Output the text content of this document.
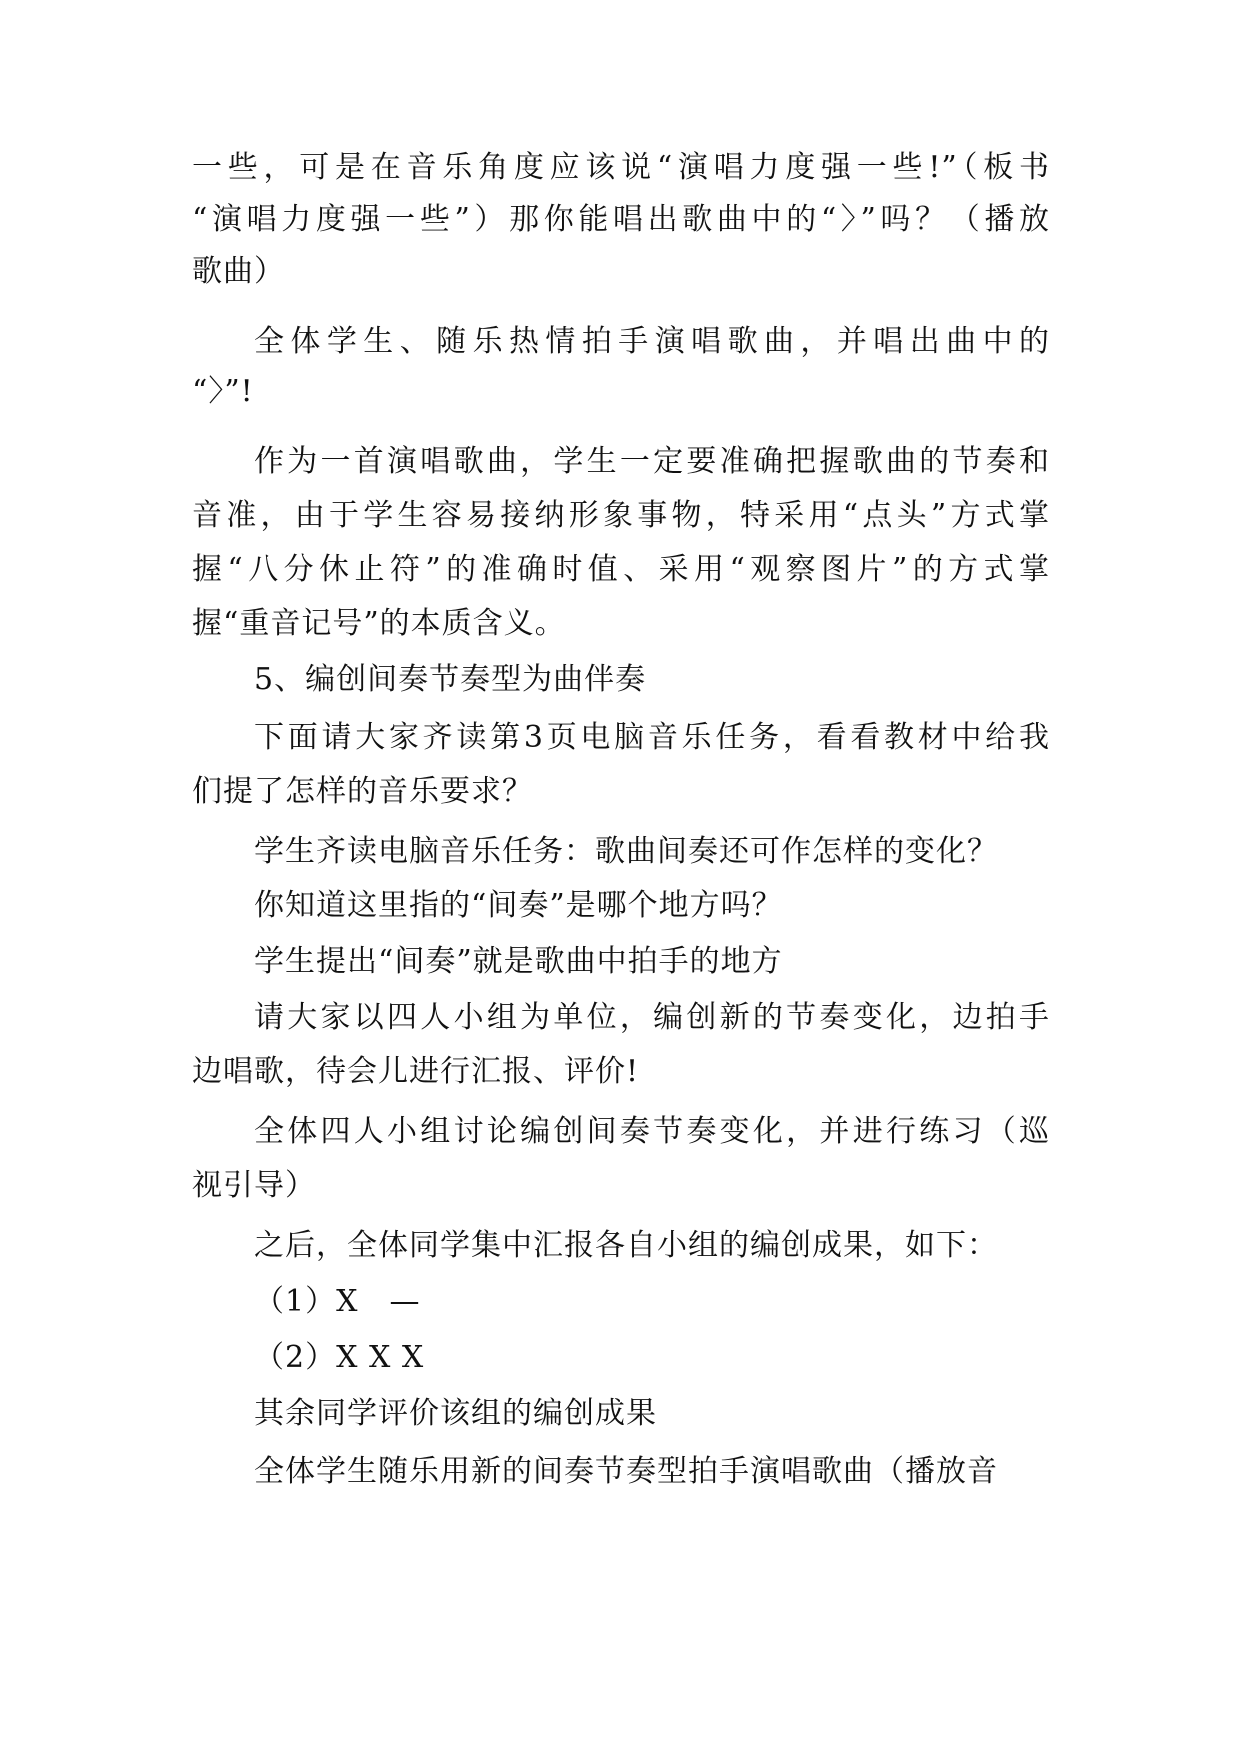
一些，可是在音乐角度应该说“演唱力度强一些!”（板书
“演唱力度强一些”）那你能唱出歌曲中的“〉”吗？（播放
歌曲）
全体学生、随乐热情拍手演唱歌曲，并唱出曲中的
“〉”!
作为一首演唱歌曲，学生一定要准确把握歌曲的节奏和
音准，由于学生容易接纳形象事物，特采用“点头”方式掌
握“八分休止符”的准确时值、采用“观察图片”的方式掌
握“重音记号”的本质含义。
5、编创间奏节奏型为曲伴奏
下面请大家齐读第3页电脑音乐任务，看看教材中给我
们提了怎样的音乐要求？
学生齐读电脑音乐任务：歌曲间奏还可作怎样的变化？
你知道这里指的“间奏”是哪个地方吗？
学生提出“间奏”就是歌曲中拍手的地方
请大家以四人小组为单位，编创新的节奏变化，边拍手
边唱歌，待会儿进行汇报、评价!
全体四人小组讨论编创间奏节奏变化，并进行练习（巡
视引导）
之后，全体同学集中汇报各自小组的编创成果，如下：
（1）X　—
（2）X X X
其余同学评价该组的编创成果
全体学生随乐用新的间奏节奏型拍手演唱歌曲（播放音
